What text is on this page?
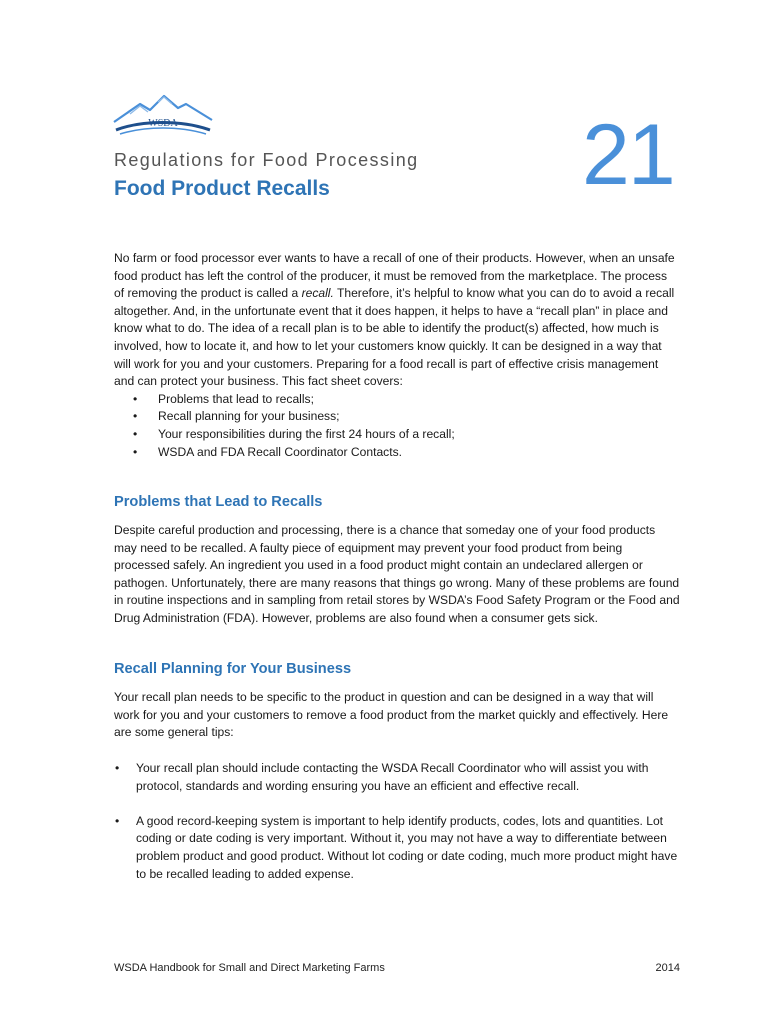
WSDA	21
Regulations for Food Processing
Food Product Recalls

No farm or food processor ever wants to have a recall of one of their products. However, when an unsafe food product has left the control of the producer, it must be removed from the marketplace. The process of removing the product is called a recall. Therefore, it’s helpful to know what you can do to avoid a recall altogether. And, in the unfortunate event that it does happen, it helps to have a “recall plan” in place and know what to do. The idea of a recall plan is to be able to identify the product(s) affected, how much is involved, how to locate it, and how to let your customers know quickly. It can be designed in a way that will work for you and your customers. Preparing for a food recall is part of effective crisis management and can protect your business. This fact sheet covers:

• Problems that lead to recalls;
• Recall planning for your business;
• Your responsibilities during the first 24 hours of a recall;
• WSDA and FDA Recall Coordinator Contacts.
Problems that Lead to Recalls

Despite careful production and processing, there is a chance that someday one of your food products may need to be recalled. A faulty piece of equipment may prevent your food product from being processed safely. An ingredient you used in a food product might contain an undeclared allergen or pathogen. Unfortunately, there are many reasons that things go wrong. Many of these problems are found in routine inspections and in sampling from retail stores by WSDA’s Food Safety Program or the Food and Drug Administration (FDA). However, problems are also found when a consumer gets sick.

Recall Planning for Your Business

Your recall plan needs to be specific to the product in question and can be designed in a way that will work for you and your customers to remove a food product from the market quickly and effectively. Here are some general tips:

• Your recall plan should include contacting the WSDA Recall Coordinator who will assist you with protocol, standards and wording ensuring you have an efficient and effective recall.
• A good record-keeping system is important to help identify products, codes, lots and quantities. Lot coding or date coding is very important. Without it, you may not have a way to differentiate between problem product and good product. Without lot coding or date coding, much more product might have to be recalled leading to added expense.
WSDA Handbook for Small and Direct Marketing Farms	2014
